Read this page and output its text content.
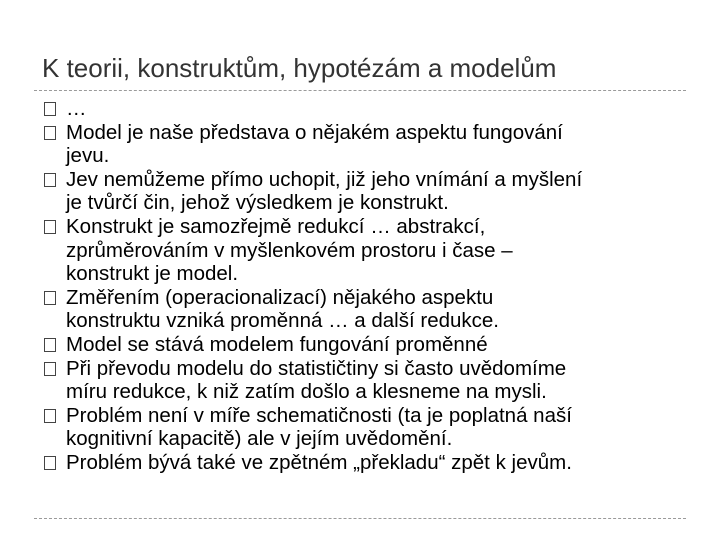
K teorii, konstruktům, hypotézám a modelům
…
Model je naše představa o nějakém aspektu fungování
jevu.
Jev nemůžeme přímo uchopit, již jeho vnímání a myšlení
je tvůrčí čin, jehož výsledkem je konstrukt.
Konstrukt je samozřejmě redukcí … abstrakcí,
zprůměrováním v myšlenkovém prostoru i čase –
konstrukt je model.
Změřením (operacionalizací) nějakého aspektu
konstruktu vzniká proměnná … a další redukce.
Model se stává modelem fungování proměnné
Při převodu modelu do statističtiny si často uvědomíme
míru redukce, k niž zatím došlo a klesneme na mysli.
Problém není v míře schematičnosti (ta je poplatná naší
kognitivní kapacitě) ale v jejím uvědomění.
Problém bývá také ve zpětném „překladu“ zpět k jevům.
